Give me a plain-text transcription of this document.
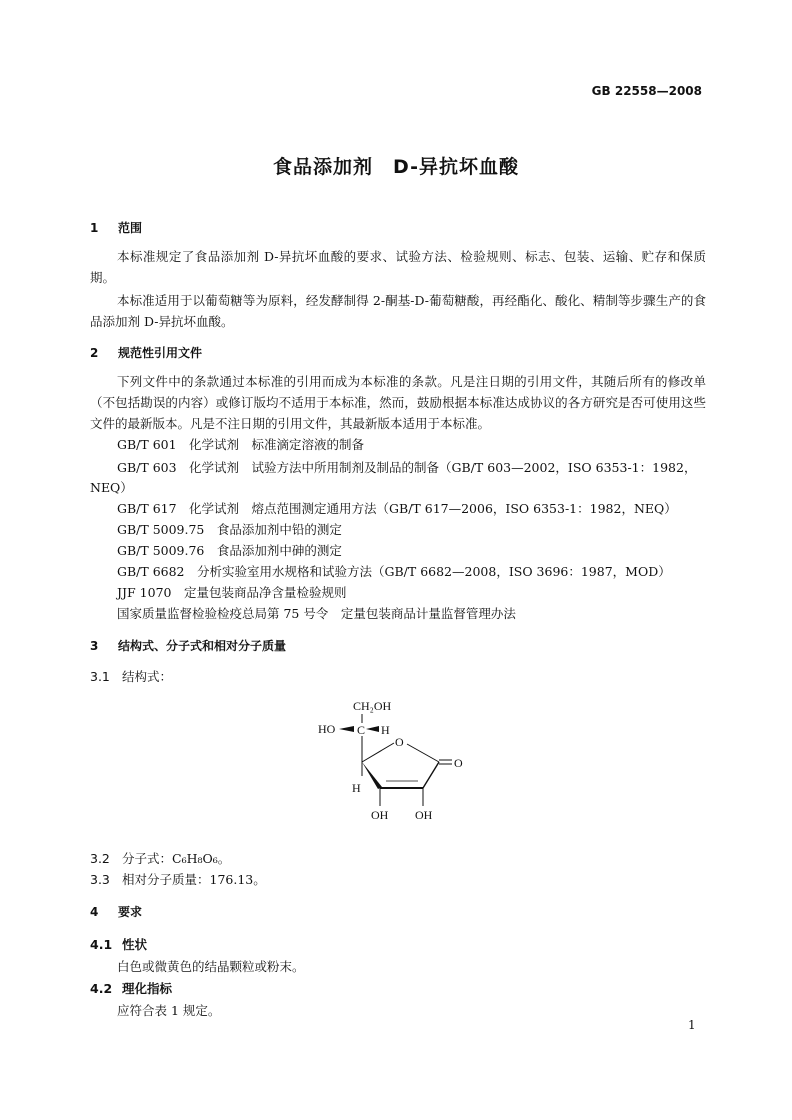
GB 22558—2008
食品添加剂　D-异抗坏血酸
1 范围
本标准规定了食品添加剂 D-异抗坏血酸的要求、试验方法、检验规则、标志、包装、运输、贮存和保质期。
本标准适用于以葡萄糖等为原料，经发酵制得 2-酮基-D-葡萄糖酸，再经酯化、酸化、精制等步骤生产的食品添加剂 D-异抗坏血酸。
2 规范性引用文件
下列文件中的条款通过本标准的引用而成为本标准的条款。凡是注日期的引用文件，其随后所有的修改单（不包括勘误的内容）或修订版均不适用于本标准，然而，鼓励根据本标准达成协议的各方研究是否可使用这些文件的最新版本。凡是不注日期的引用文件，其最新版本适用于本标准。
GB/T 601　化学试剂　标准滴定溶液的制备
GB/T 603　化学试剂　试验方法中所用制剂及制品的制备（GB/T 603—2002，ISO 6353-1：1982，
NEQ）
GB/T 617　化学试剂　熔点范围测定通用方法（GB/T 617—2006，ISO 6353-1：1982，NEQ）
GB/T 5009.75　食品添加剂中铅的测定
GB/T 5009.76　食品添加剂中砷的测定
GB/T 6682　分析实验室用水规格和试验方法（GB/T 6682—2008，ISO 3696：1987，MOD）
JJF 1070　定量包装商品净含量检验规则
国家质量监督检验检疫总局第 75 号令　定量包装商品计量监督管理办法
3 结构式、分子式和相对分子质量
3.1 结构式：
CH₂OH
HO C H
O
O
H
OH OH
3.2 分子式：C₆H₈O₆。
3.3 相对分子质量：176.13。
4 要求
4.1 性状
白色或微黄色的结晶颗粒或粉末。
4.2 理化指标
应符合表 1 规定。
1
